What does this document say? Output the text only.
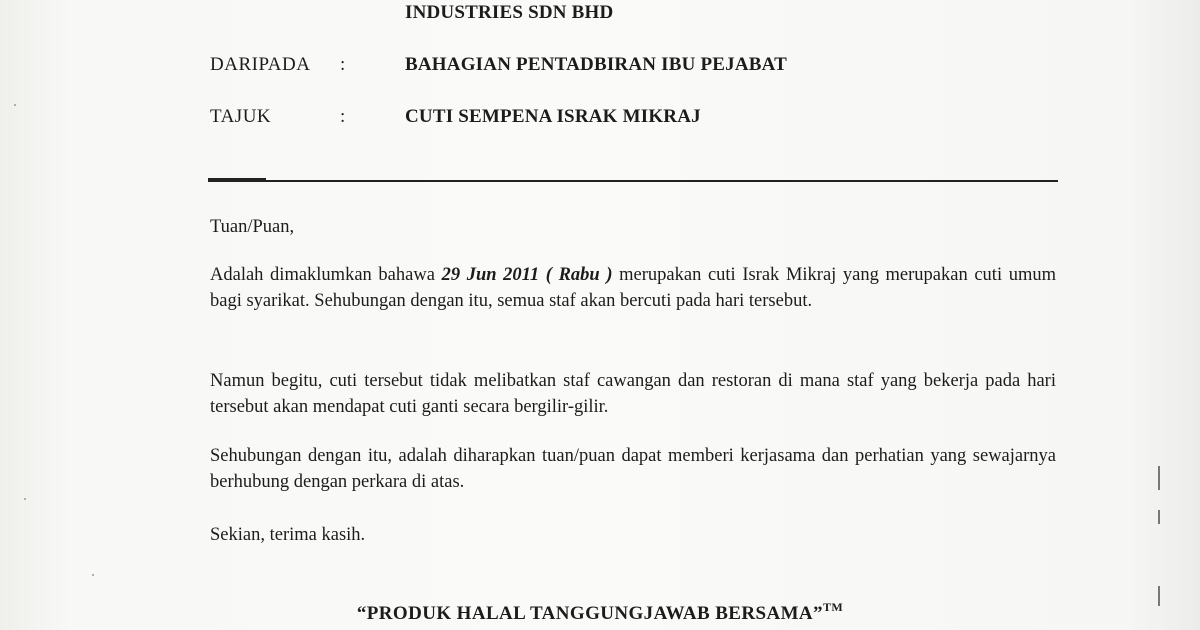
INDUSTRIES SDN BHD
DARIPADA :	BAHAGIAN PENTADBIRAN IBU PEJABAT
TAJUK	:	CUTI SEMPENA ISRAK MIKRAJ
Tuan/Puan,
Adalah dimaklumkan bahawa 29 Jun 2011 ( Rabu ) merupakan cuti Israk Mikraj yang merupakan cuti umum bagi syarikat. Sehubungan dengan itu, semua staf akan bercuti pada hari tersebut.
Namun begitu, cuti tersebut tidak melibatkan staf cawangan dan restoran di mana staf yang bekerja pada hari tersebut akan mendapat cuti ganti secara bergilir-gilir.
Sehubungan dengan itu, adalah diharapkan tuan/puan dapat memberi kerjasama dan perhatian yang sewajarnya berhubung dengan perkara di atas.
Sekian, terima kasih.
“PRODUK HALAL TANGGUNGJAWAB BERSAMA”™
